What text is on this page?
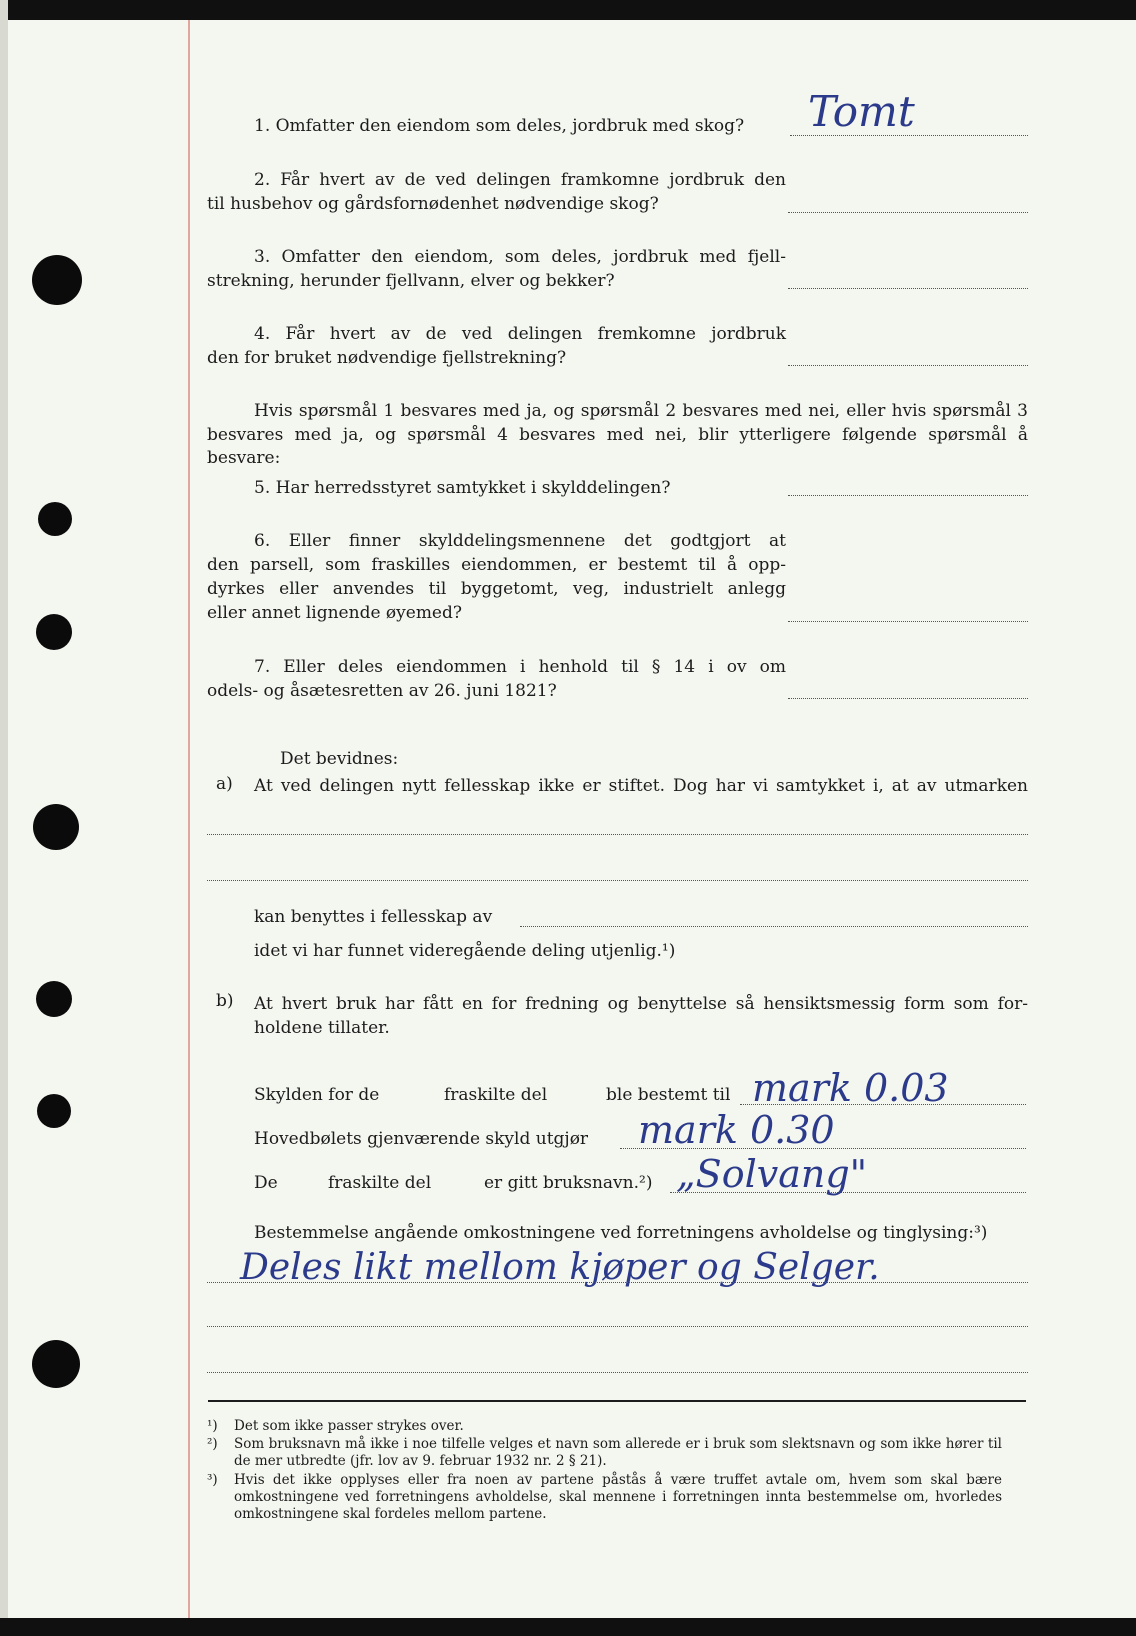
1. Omfatter den eiendom som deles, jordbruk med skog? Tomt

2. Får hvert av de ved delingen framkomne jordbruk den

til husbehov og gårdsfornødenhet nødvendige skog?

3. Omfatter den eiendom, som deles, jordbruk med fjell-

strekning, herunder fjellvann, elver og bekker?

4. Får hvert av de ved delingen fremkomne jordbruk

den for bruket nødvendige fjellstrekning?

Hvis spørsmål 1 besvares med ja, og spørsmål 2 besvares med nei, eller hvis spørsmål 3

besvares med ja, og spørsmål 4 besvares med nei, blir ytterligere følgende spørsmål å besvare:

5. Har herredsstyret samtykket i skylddelingen?

6. Eller finner skylddelingsmennene det godtgjort at

den parsell, som fraskilles eiendommen, er bestemt til å opp-

dyrkes eller anvendes til byggetomt, veg, industrielt anlegg

eller annet lignende øyemed?

7. Eller deles eiendommen i henhold til § 14 i ov om

odels- og åsætesretten av 26. juni 1821?

Det bevidnes:

a) At ved delingen nytt fellesskap ikke er stiftet. Dog har vi samtykket i, at av utmarken

kan benyttes i fellesskap av

idet vi har funnet videregående deling utjenlig.¹)

b) At hvert bruk har fått en for fredning og benyttelse så hensiktsmessig form som for-

holdene tillater.

Skylden for de	fraskilte del	ble bestemt til mark 0.03

Hovedbølets gjenværende skyld utgjør mark 0.30

De	fraskilte del	er gitt bruksnavn.²) „Solvang"

Bestemmelse angående omkostningene ved forretningens avholdelse og tinglysing:³)

Deles likt mellom kjøper og Selger.
¹) Det som ikke passer strykes over.
²) Som bruksnavn må ikke i noe tilfelle velges et navn som allerede er i bruk som slektsnavn og som ikke hører til de mer utbredte (jfr. lov av 9. februar 1932 nr. 2 § 21).
³) Hvis det ikke opplyses eller fra noen av partene påstås å være truffet avtale om, hvem som skal bære omkostningene ved forretningens avholdelse, skal mennene i forretningen innta bestemmelse om, hvorledes omkostningene skal fordeles mellom partene.
